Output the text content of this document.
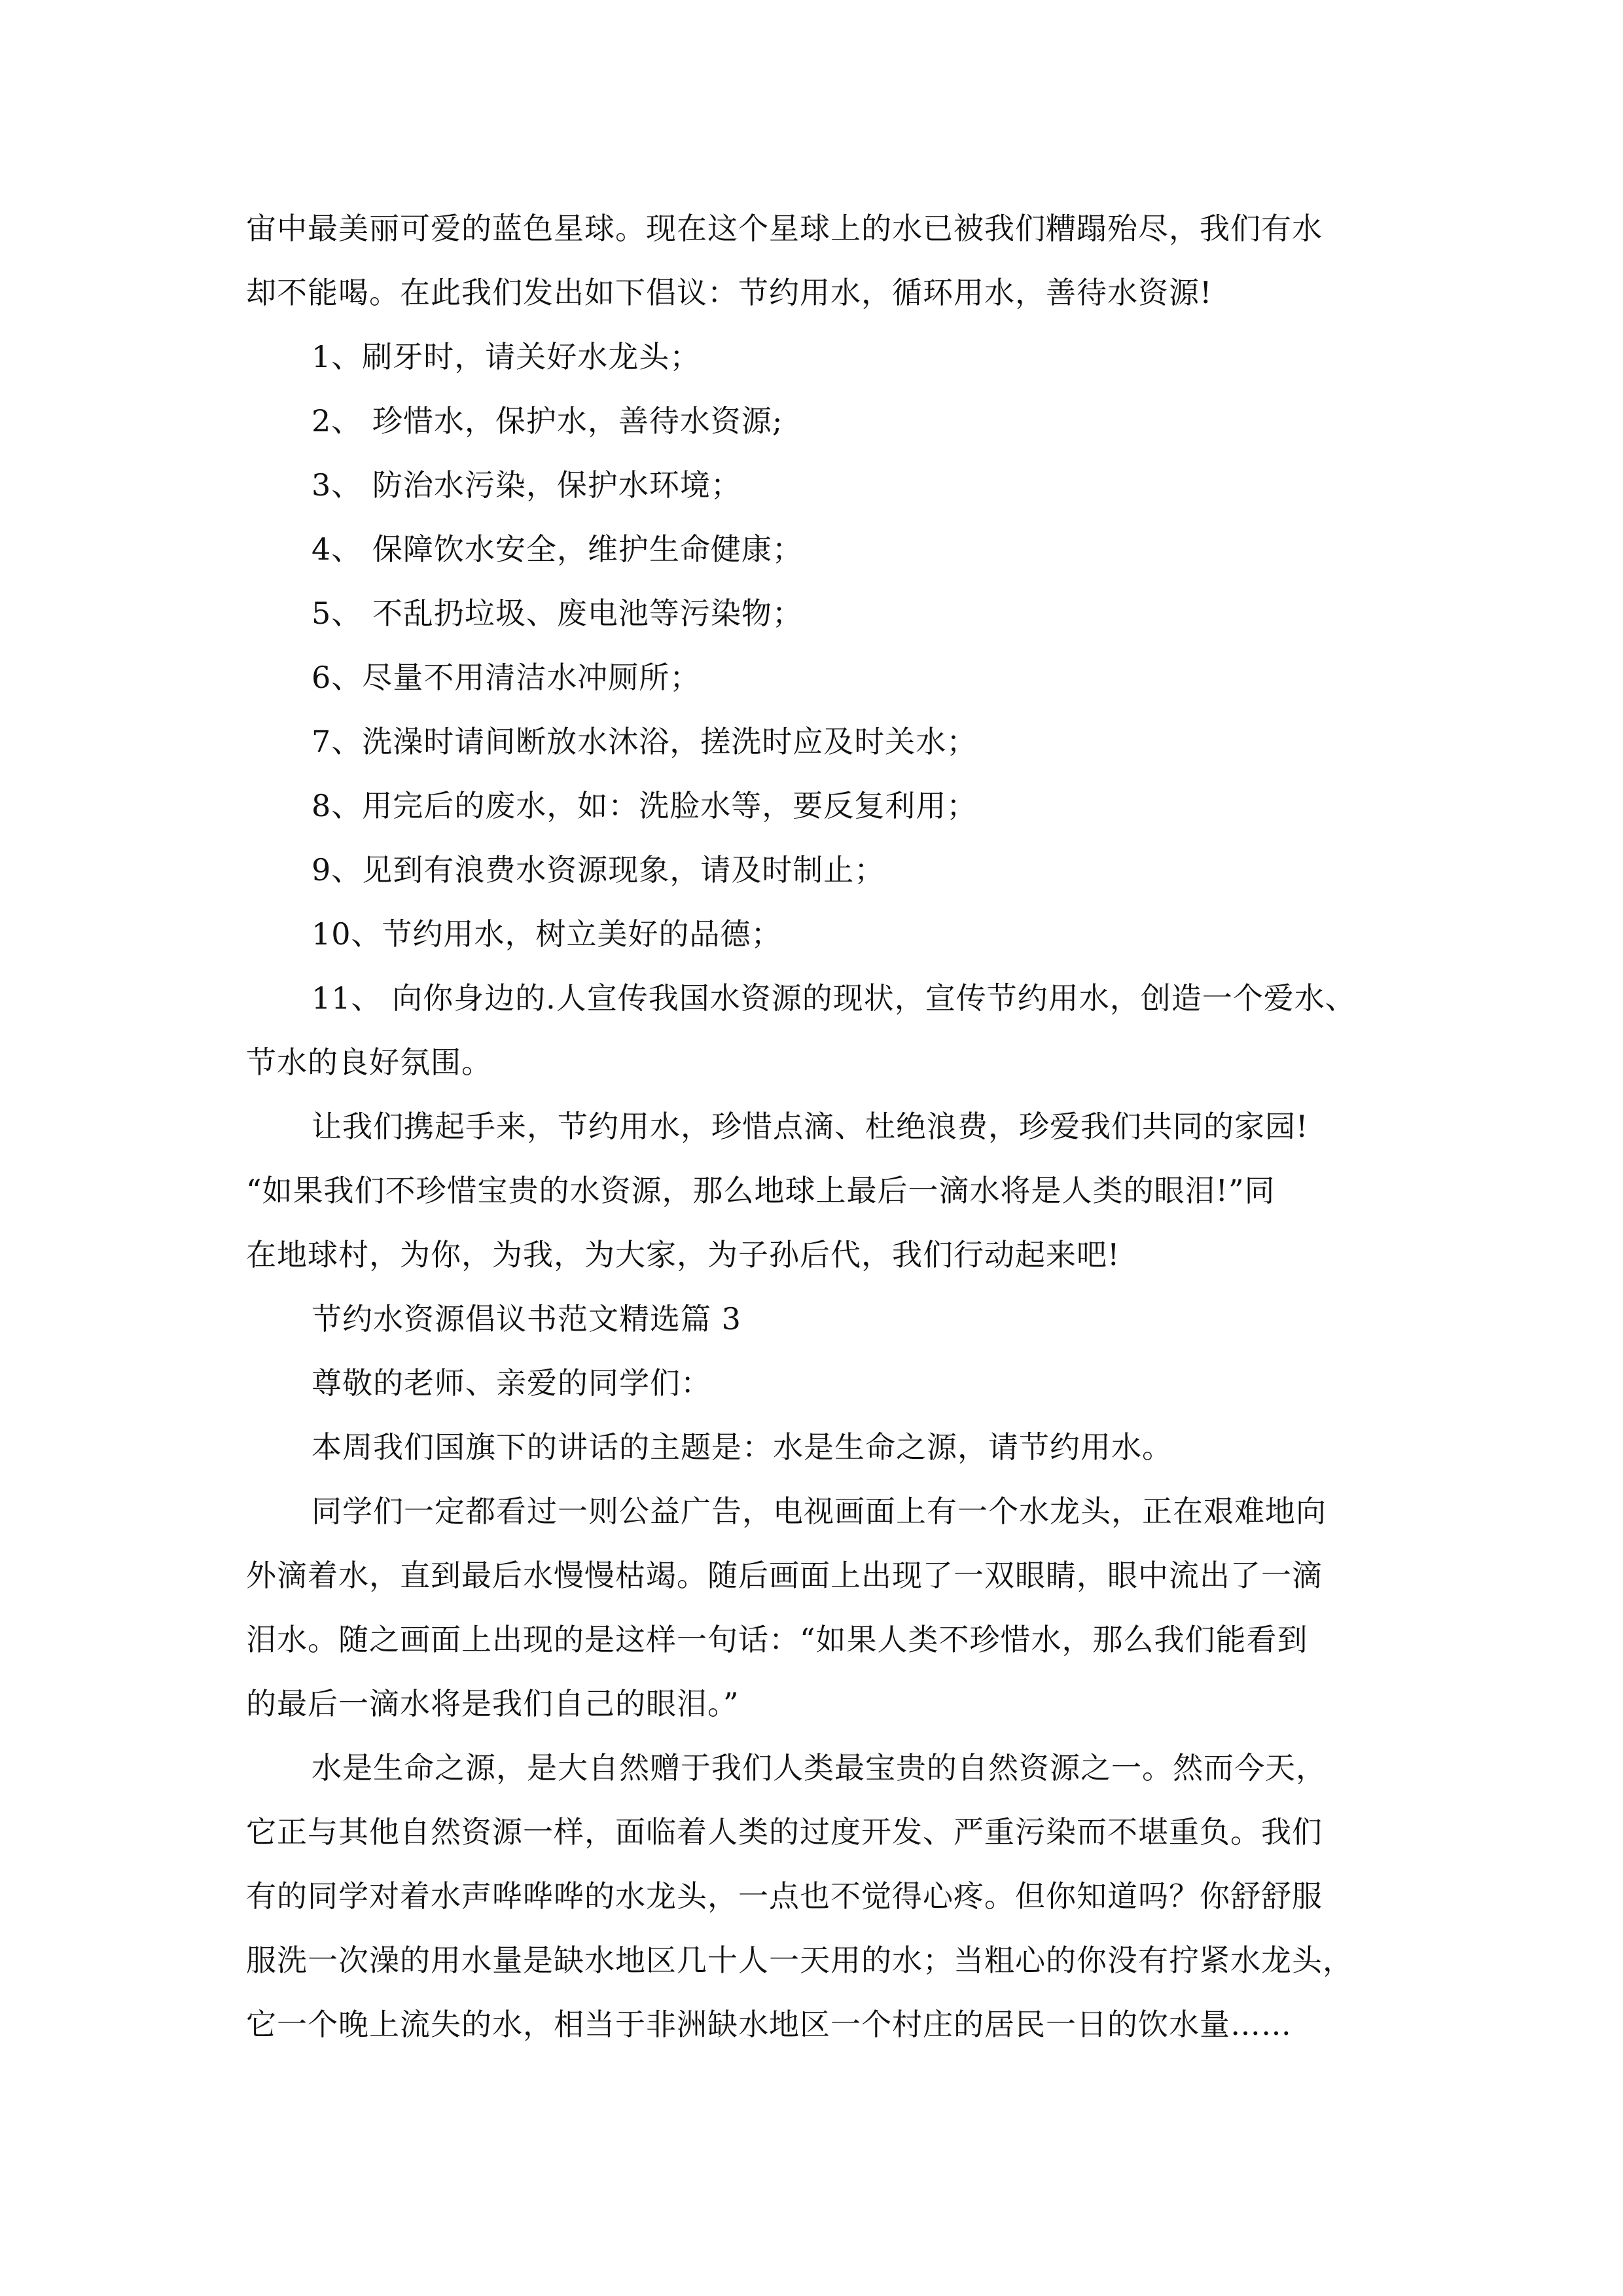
宙中最美丽可爱的蓝色星球。现在这个星球上的水已被我们糟蹋殆尽，我们有水
却不能喝。在此我们发出如下倡议：节约用水，循环用水，善待水资源!
1、刷牙时，请关好水龙头；
2、 珍惜水，保护水，善待水资源;
3、 防治水污染，保护水环境；
4、 保障饮水安全，维护生命健康；
5、 不乱扔垃圾、废电池等污染物；
6、尽量不用清洁水冲厕所；
7、洗澡时请间断放水沐浴，搓洗时应及时关水；
8、用完后的废水，如：洗脸水等，要反复利用；
9、见到有浪费水资源现象，请及时制止；
10、节约用水，树立美好的品德；
11、 向你身边的.人宣传我国水资源的现状，宣传节约用水，创造一个爱水、
节水的良好氛围。
让我们携起手来，节约用水，珍惜点滴、杜绝浪费，珍爱我们共同的家园!
“如果我们不珍惜宝贵的水资源，那么地球上最后一滴水将是人类的眼泪!”同
在地球村，为你，为我，为大家，为子孙后代，我们行动起来吧!
节约水资源倡议书范文精选篇 3
尊敬的老师、亲爱的同学们：
本周我们国旗下的讲话的主题是：水是生命之源，请节约用水。
同学们一定都看过一则公益广告，电视画面上有一个水龙头，正在艰难地向
外滴着水，直到最后水慢慢枯竭。随后画面上出现了一双眼睛，眼中流出了一滴
泪水。随之画面上出现的是这样一句话：“如果人类不珍惜水，那么我们能看到
的最后一滴水将是我们自己的眼泪。”
水是生命之源，是大自然赠于我们人类最宝贵的自然资源之一。然而今天，
它正与其他自然资源一样，面临着人类的过度开发、严重污染而不堪重负。我们
有的同学对着水声哗哗哗的水龙头，一点也不觉得心疼。但你知道吗？你舒舒服
服洗一次澡的用水量是缺水地区几十人一天用的水；当粗心的你没有拧紧水龙头，
它一个晚上流失的水，相当于非洲缺水地区一个村庄的居民一日的饮水量……
